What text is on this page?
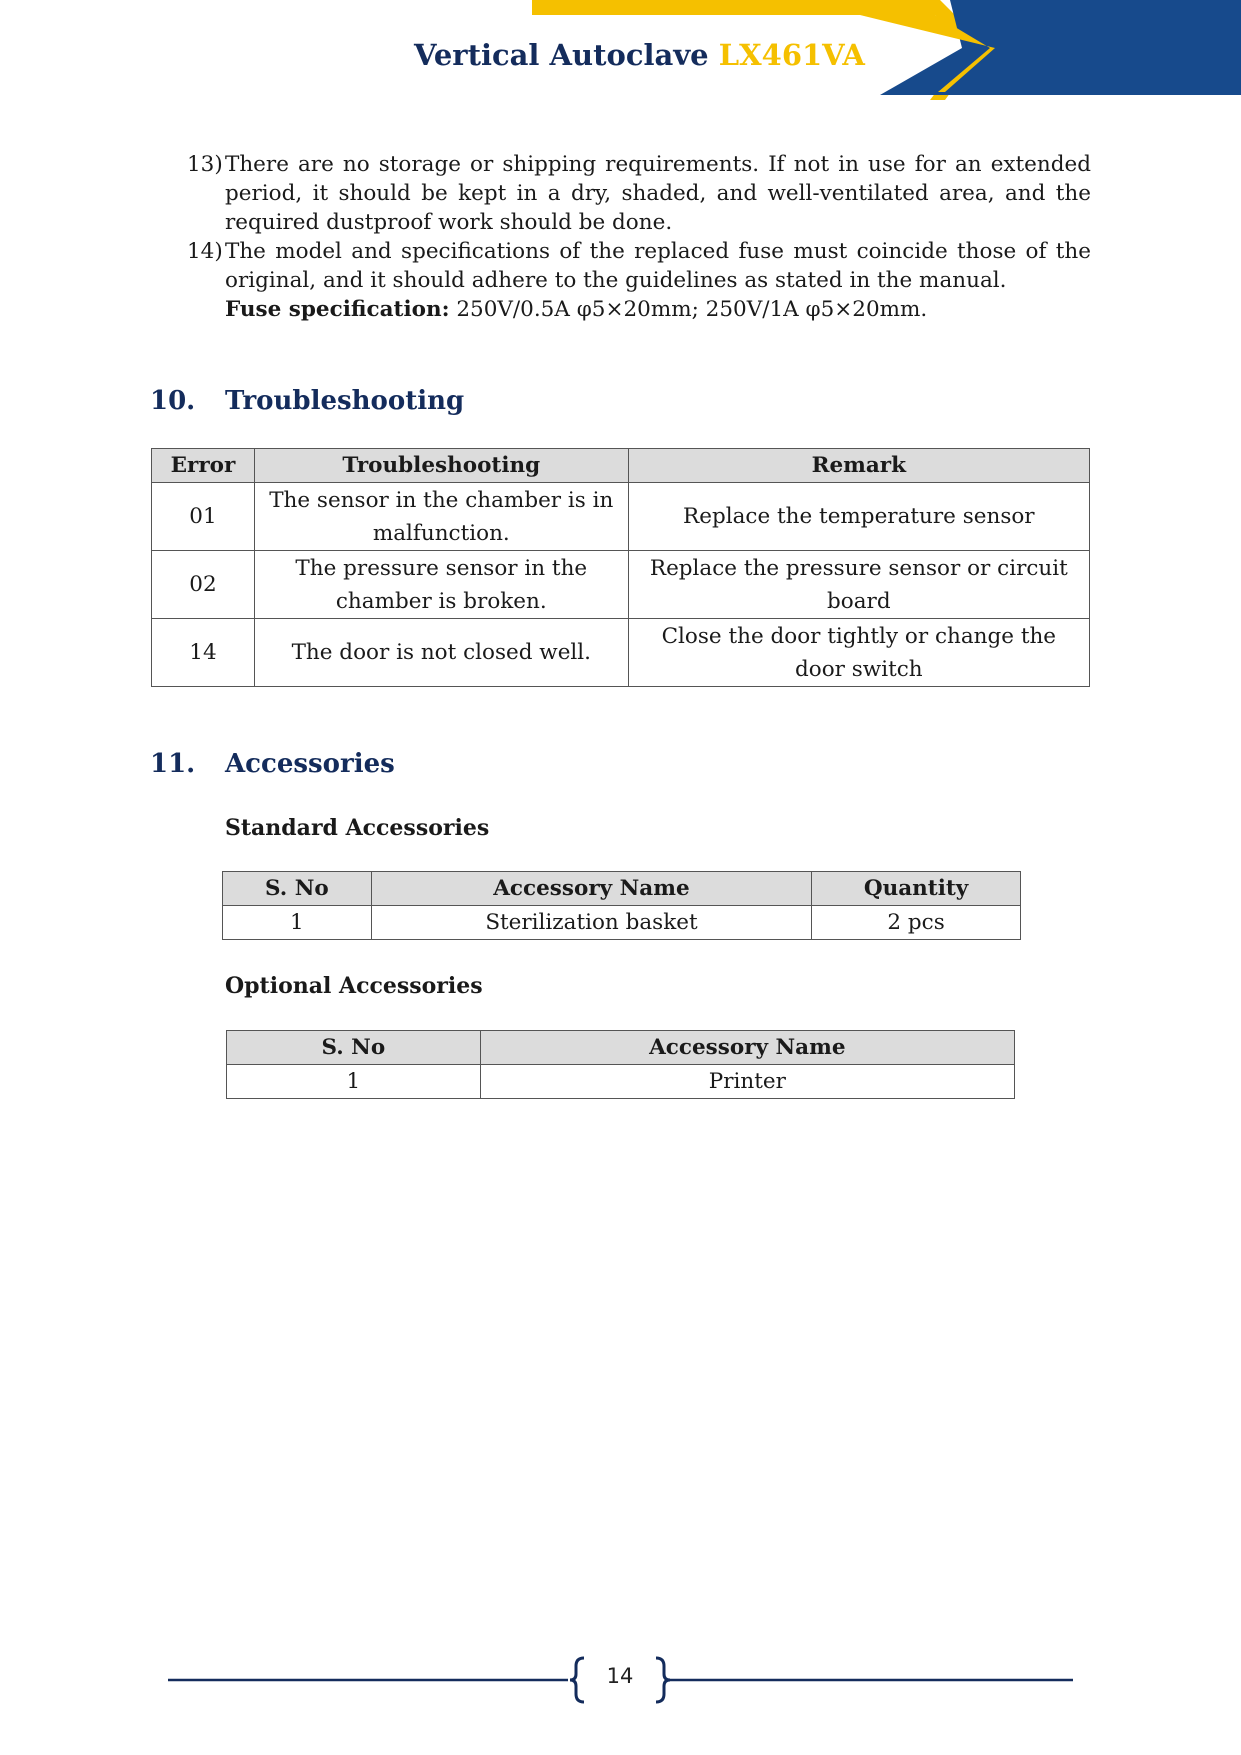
Vertical Autoclave LX461VA
13) There are no storage or shipping requirements. If not in use for an extended period, it should be kept in a dry, shaded, and well-ventilated area, and the required dustproof work should be done.
14) The model and specifications of the replaced fuse must coincide those of the original, and it should adhere to the guidelines as stated in the manual.
Fuse specification: 250V/0.5A φ5×20mm; 250V/1A φ5×20mm.
10. Troubleshooting
Error	Troubleshooting	Remark
01	The sensor in the chamber is in malfunction.	Replace the temperature sensor
02	The pressure sensor in the chamber is broken.	Replace the pressure sensor or circuit board
14	The door is not closed well.	Close the door tightly or change the door switch
11. Accessories
Standard Accessories
S. No	Accessory Name	Quantity
1	Sterilization basket	2 pcs
Optional Accessories
S. No	Accessory Name
1	Printer
14
